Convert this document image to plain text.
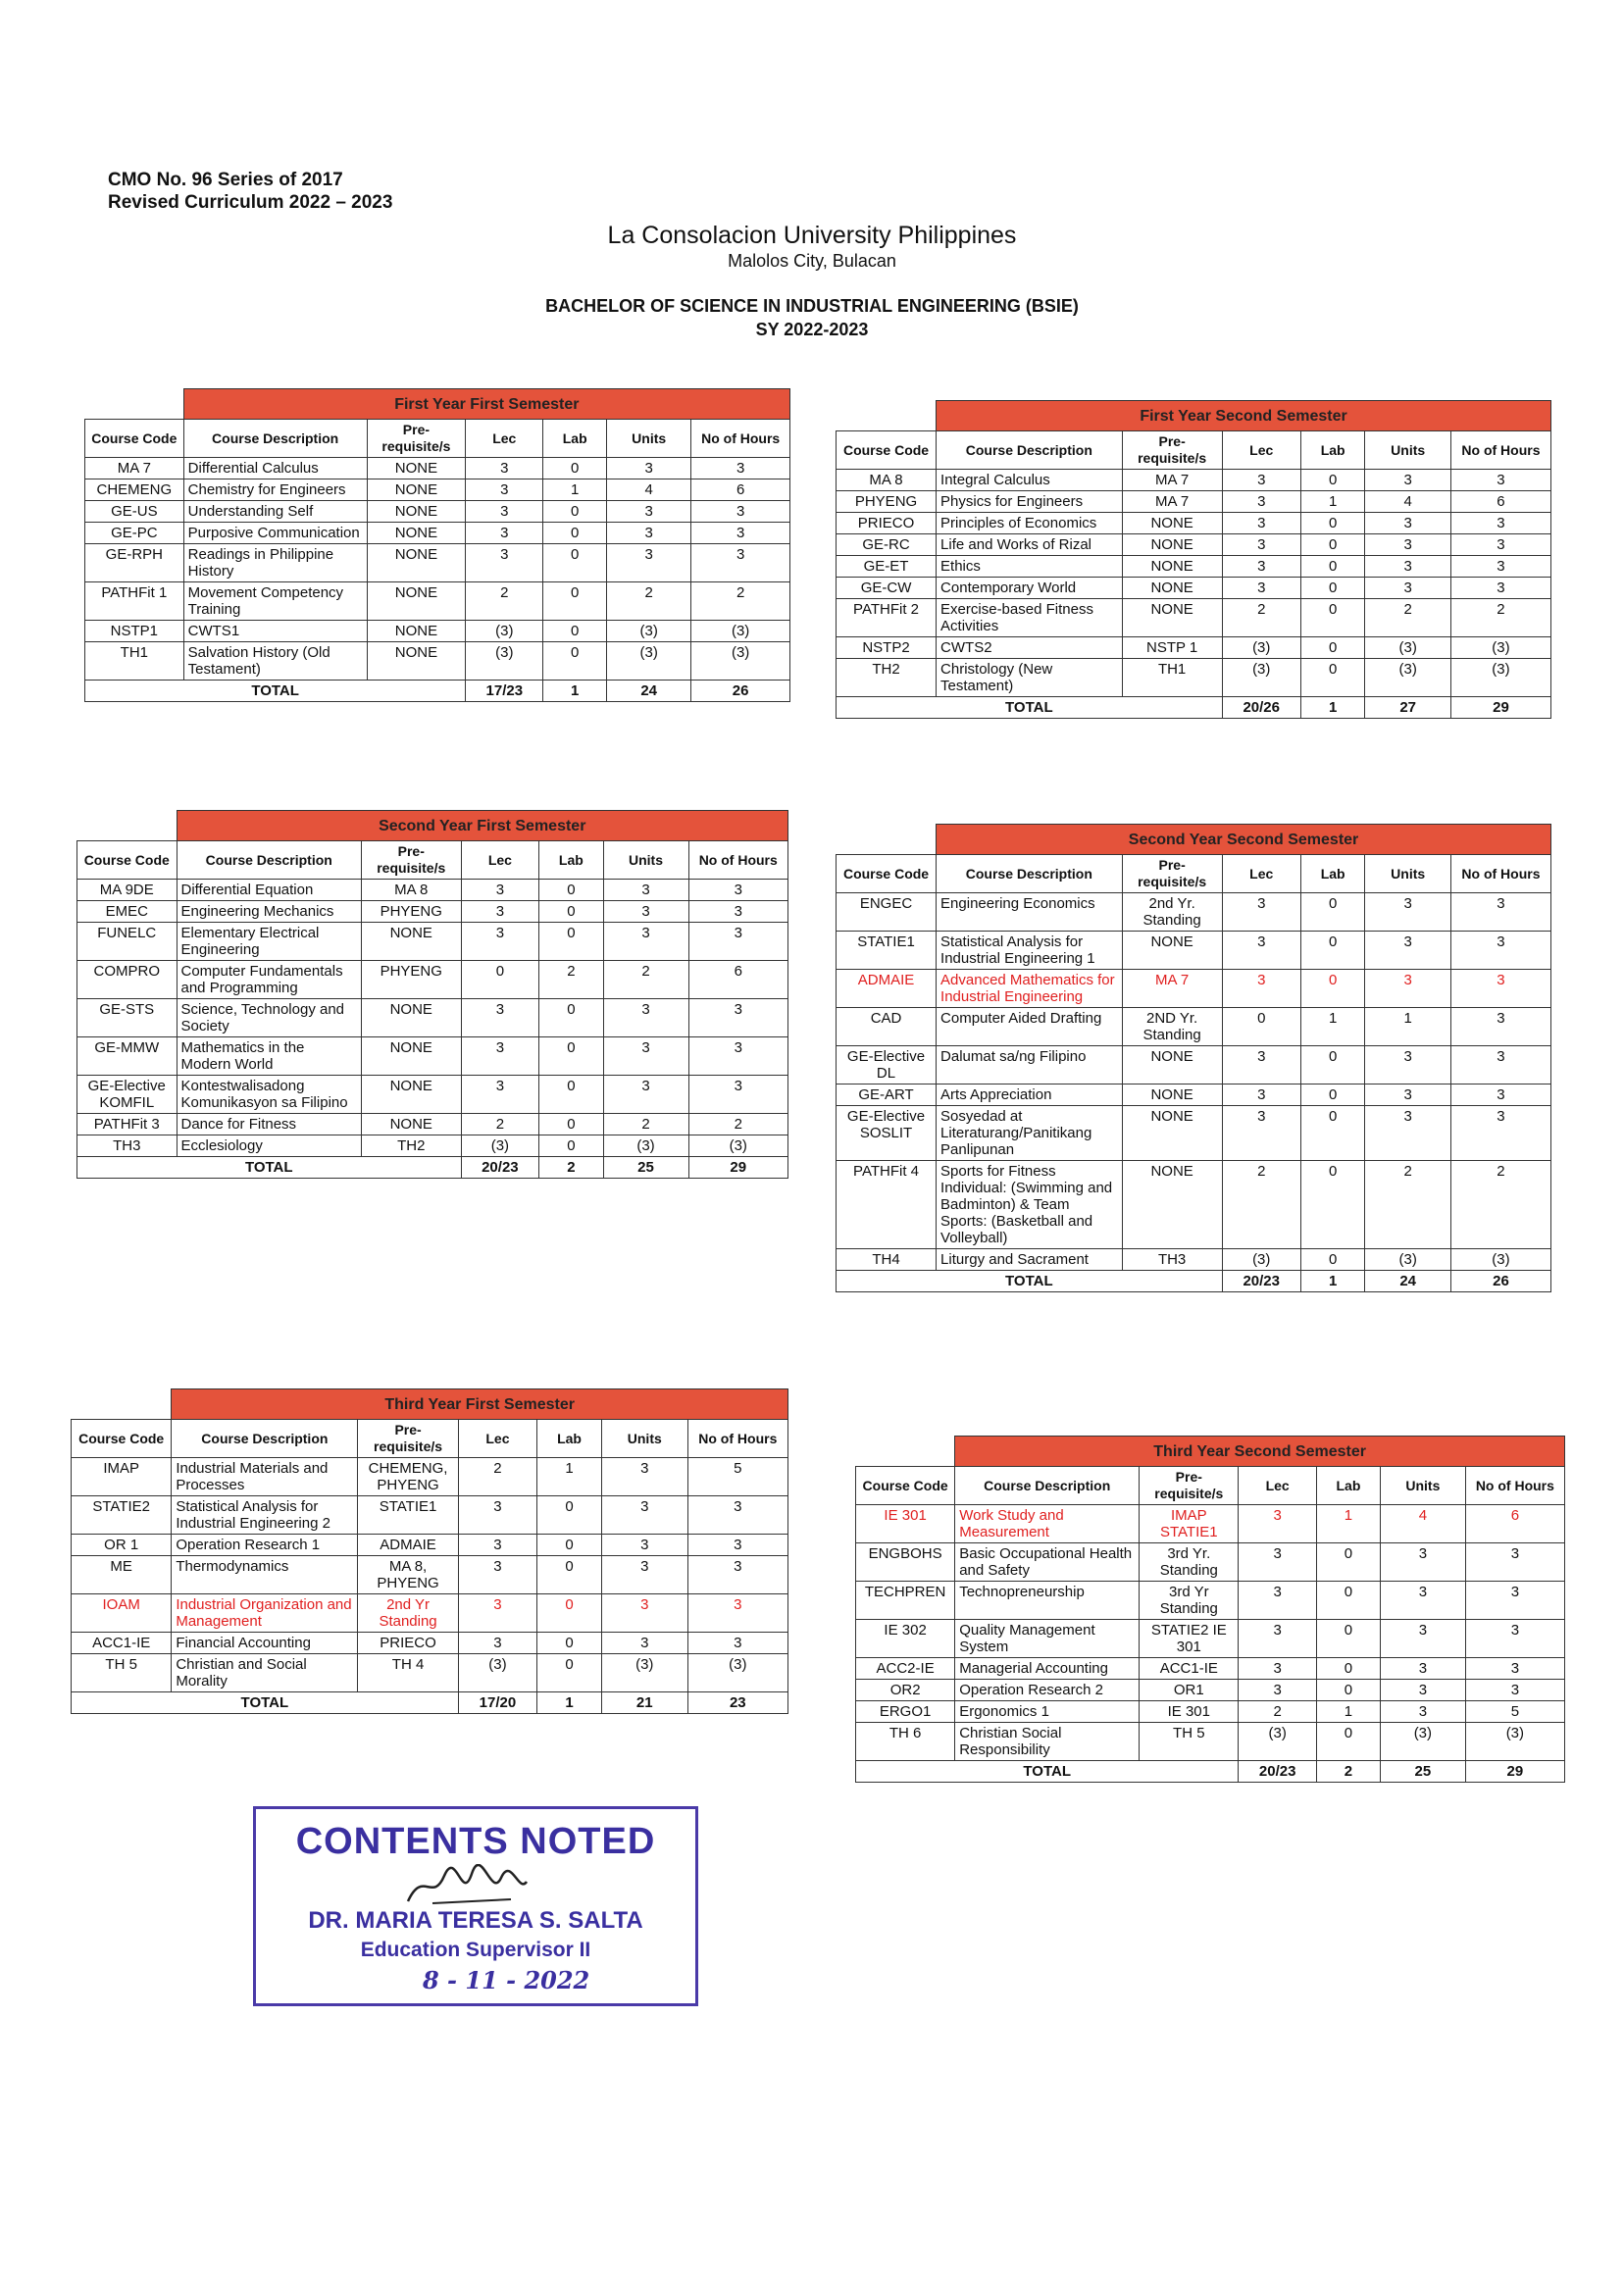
CMO No. 96 Series of 2017
Revised Curriculum 2022 – 2023
La Consolacion University Philippines
Malolos City, Bulacan
BACHELOR OF SCIENCE IN INDUSTRIAL ENGINEERING (BSIE)
SY 2022-2023
	First Year First Semester					
Course Code	Course Description	Pre-requisite/s	Lec	Lab	Units	No of Hours
MA 7	Differential Calculus	NONE	3	0	3	3
CHEMENG	Chemistry for Engineers	NONE	3	1	4	6
GE-US	Understanding Self	NONE	3	0	3	3
GE-PC	Purposive Communication	NONE	3	0	3	3
GE-RPH	Readings in Philippine History	NONE	3	0	3	3
PATHFit 1	Movement Competency Training	NONE	2	0	2	2
NSTP1	CWTS1	NONE	(3)	0	(3)	(3)
TH1	Salvation History (Old Testament)	NONE	(3)	0	(3)	(3)
TOTAL			17/23	1	24	26
	First Year Second Semester					
Course Code	Course Description	Pre-requisite/s	Lec	Lab	Units	No of Hours
MA 8	Integral Calculus	MA 7	3	0	3	3
PHYENG	Physics for Engineers	MA 7	3	1	4	6
PRIECO	Principles of Economics	NONE	3	0	3	3
GE-RC	Life and Works of Rizal	NONE	3	0	3	3
GE-ET	Ethics	NONE	3	0	3	3
GE-CW	Contemporary World	NONE	3	0	3	3
PATHFit 2	Exercise-based Fitness Activities	NONE	2	0	2	2
NSTP2	CWTS2	NSTP 1	(3)	0	(3)	(3)
TH2	Christology (New Testament)	TH1	(3)	0	(3)	(3)
TOTAL			20/26	1	27	29
	Second Year First Semester					
Course Code	Course Description	Pre-requisite/s	Lec	Lab	Units	No of Hours
MA 9DE	Differential Equation	MA 8	3	0	3	3
EMEC	Engineering Mechanics	PHYENG	3	0	3	3
FUNELC	Elementary Electrical Engineering	NONE	3	0	3	3
COMPRO	Computer Fundamentals and Programming	PHYENG	0	2	2	6
GE-STS	Science, Technology and Society	NONE	3	0	3	3
GE-MMW	Mathematics in the Modern World	NONE	3	0	3	3
GE-Elective KOMFIL	Kontestwalisadong Komunikasyon sa Filipino	NONE	3	0	3	3
PATHFit 3	Dance for Fitness	NONE	2	0	2	2
TH3	Ecclesiology	TH2	(3)	0	(3)	(3)
TOTAL			20/23	2	25	29
	Second Year Second Semester					
Course Code	Course Description	Pre-requisite/s	Lec	Lab	Units	No of Hours
ENGEC	Engineering Economics	2nd Yr. Standing	3	0	3	3
STATIE1	Statistical Analysis for Industrial Engineering 1	NONE	3	0	3	3
ADMAIE	Advanced Mathematics for Industrial Engineering	MA 7	3	0	3	3
CAD	Computer Aided Drafting	2ND Yr. Standing	0	1	1	3
GE-Elective DL	Dalumat sa/ng Filipino	NONE	3	0	3	3
GE-ART	Arts Appreciation	NONE	3	0	3	3
GE-Elective SOSLIT	Sosyedad at Literaturang/Panitikang Panlipunan	NONE	3	0	3	3
PATHFit 4	Sports for Fitness Individual: (Swimming and Badminton) & Team Sports: (Basketball and Volleyball)	NONE	2	0	2	2
TH4	Liturgy and Sacrament	TH3	(3)	0	(3)	(3)
TOTAL			20/23	1	24	26
	Third Year First Semester					
Course Code	Course Description	Pre-requisite/s	Lec	Lab	Units	No of Hours
IMAP	Industrial Materials and Processes	CHEMENG, PHYENG	2	1	3	5
STATIE2	Statistical Analysis for Industrial Engineering 2	STATIE1	3	0	3	3
OR 1	Operation Research 1	ADMAIE	3	0	3	3
ME	Thermodynamics	MA 8, PHYENG	3	0	3	3
IOAM	Industrial Organization and Management	2nd Yr Standing	3	0	3	3
ACC1-IE	Financial Accounting	PRIECO	3	0	3	3
TH 5	Christian and Social Morality	TH 4	(3)	0	(3)	(3)
TOTAL			17/20	1	21	23
	Third Year Second Semester					
Course Code	Course Description	Pre-requisite/s	Lec	Lab	Units	No of Hours
IE 301	Work Study and Measurement	IMAP STATIE1	3	1	4	6
ENGBOHS	Basic Occupational Health and Safety	3rd Yr. Standing	3	0	3	3
TECHPREN	Technopreneurship	3rd Yr Standing	3	0	3	3
IE 302	Quality Management System	STATIE2 IE 301	3	0	3	3
ACC2-IE	Managerial Accounting	ACC1-IE	3	0	3	3
OR2	Operation Research 2	OR1	3	0	3	3
ERGO1	Ergonomics 1	IE 301	2	1	3	5
TH 6	Christian Social Responsibility	TH 5	(3)	0	(3)	(3)
TOTAL			20/23	2	25	29
CONTENTS NOTED
DR. MARIA TERESA S. SALTA
Education Supervisor II
8 - 11 - 2022
